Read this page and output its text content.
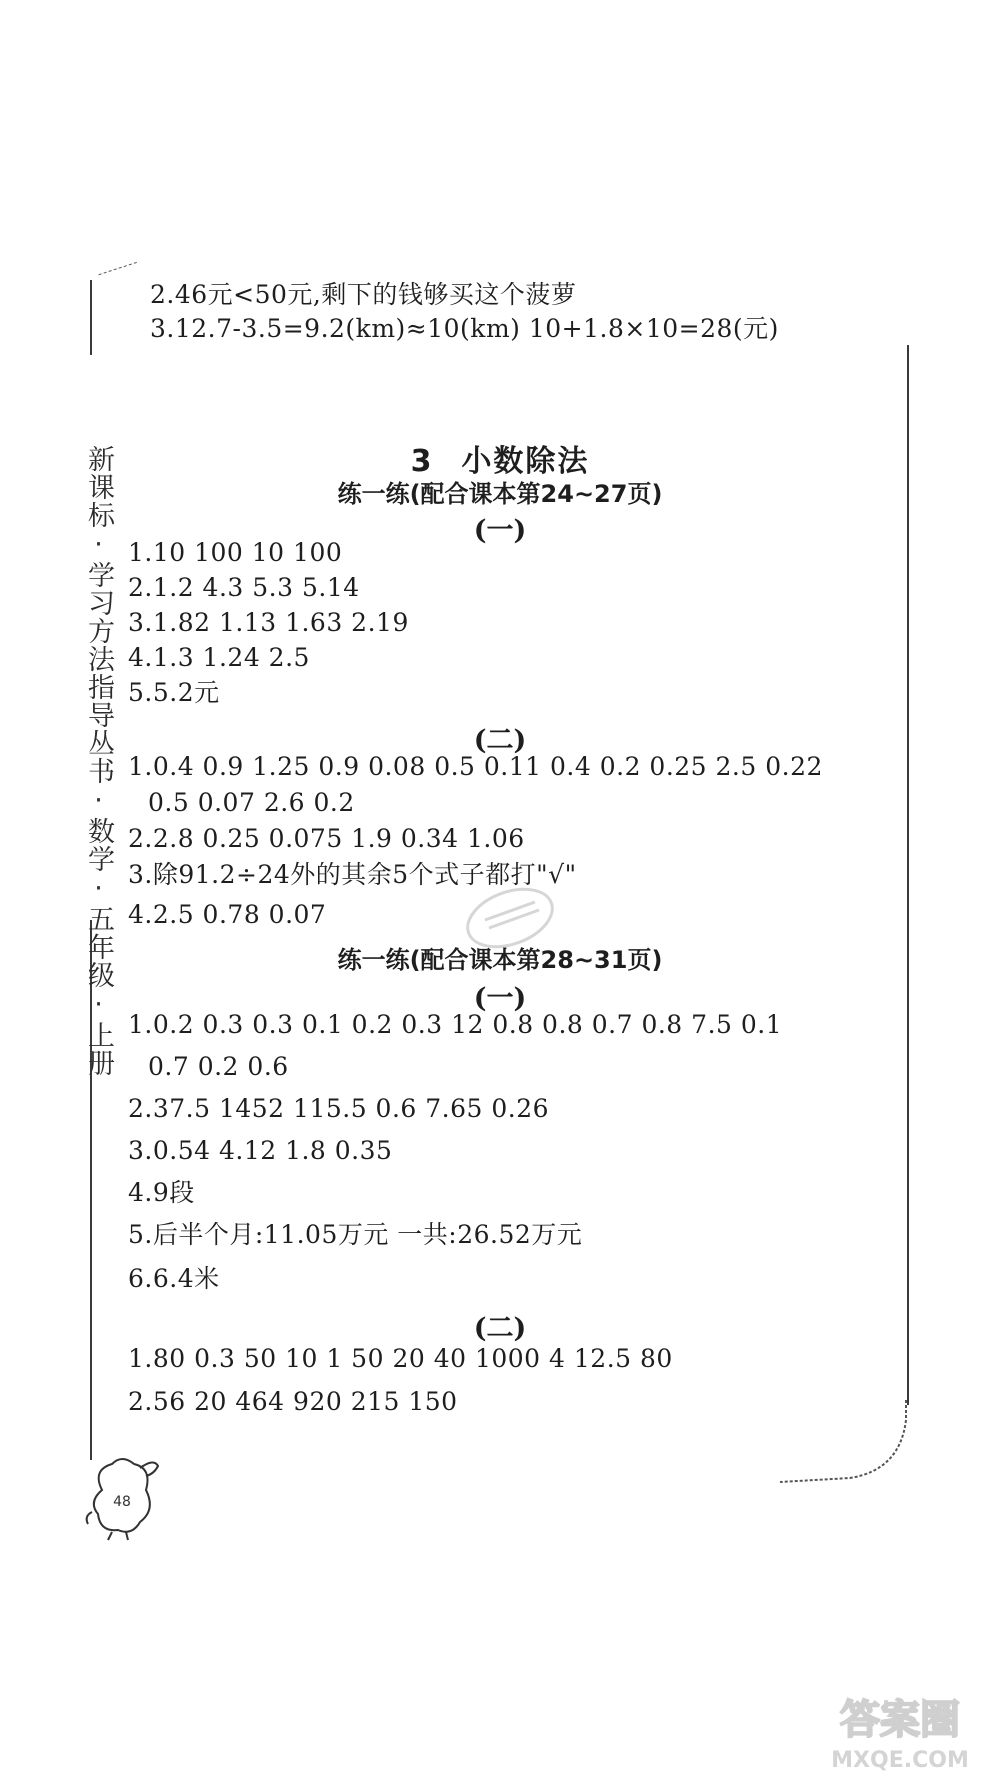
新课标·学习方法指导丛书·数学·五年级·上册
2.46元<50元,剩下的钱够买这个菠萝
3.12.7-3.5=9.2(km)≈10(km) 10+1.8×10=28(元)
3 小数除法
练一练(配合课本第24~27页)
(一)
1.10 100 10 100
2.1.2 4.3 5.3 5.14
3.1.82 1.13 1.63 2.19
4.1.3 1.24 2.5
5.5.2元
(二)
1.0.4 0.9 1.25 0.9 0.08 0.5 0.11 0.4 0.2 0.25 2.5 0.22
0.5 0.07 2.6 0.2
2.2.8 0.25 0.075 1.9 0.34 1.06
3.除91.2÷24外的其余5个式子都打"√"
4.2.5 0.78 0.07
练一练(配合课本第28~31页)
(一)
1.0.2 0.3 0.3 0.1 0.2 0.3 12 0.8 0.8 0.7 0.8 7.5 0.1
0.7 0.2 0.6
2.37.5 1452 115.5 0.6 7.65 0.26
3.0.54 4.12 1.8 0.35
4.9段
5.后半个月:11.05万元 一共:26.52万元
6.6.4米
(二)
1.80 0.3 50 10 1 50 20 40 1000 4 12.5 80
2.56 20 464 920 215 150
48
答案圈
MXQE.COM
